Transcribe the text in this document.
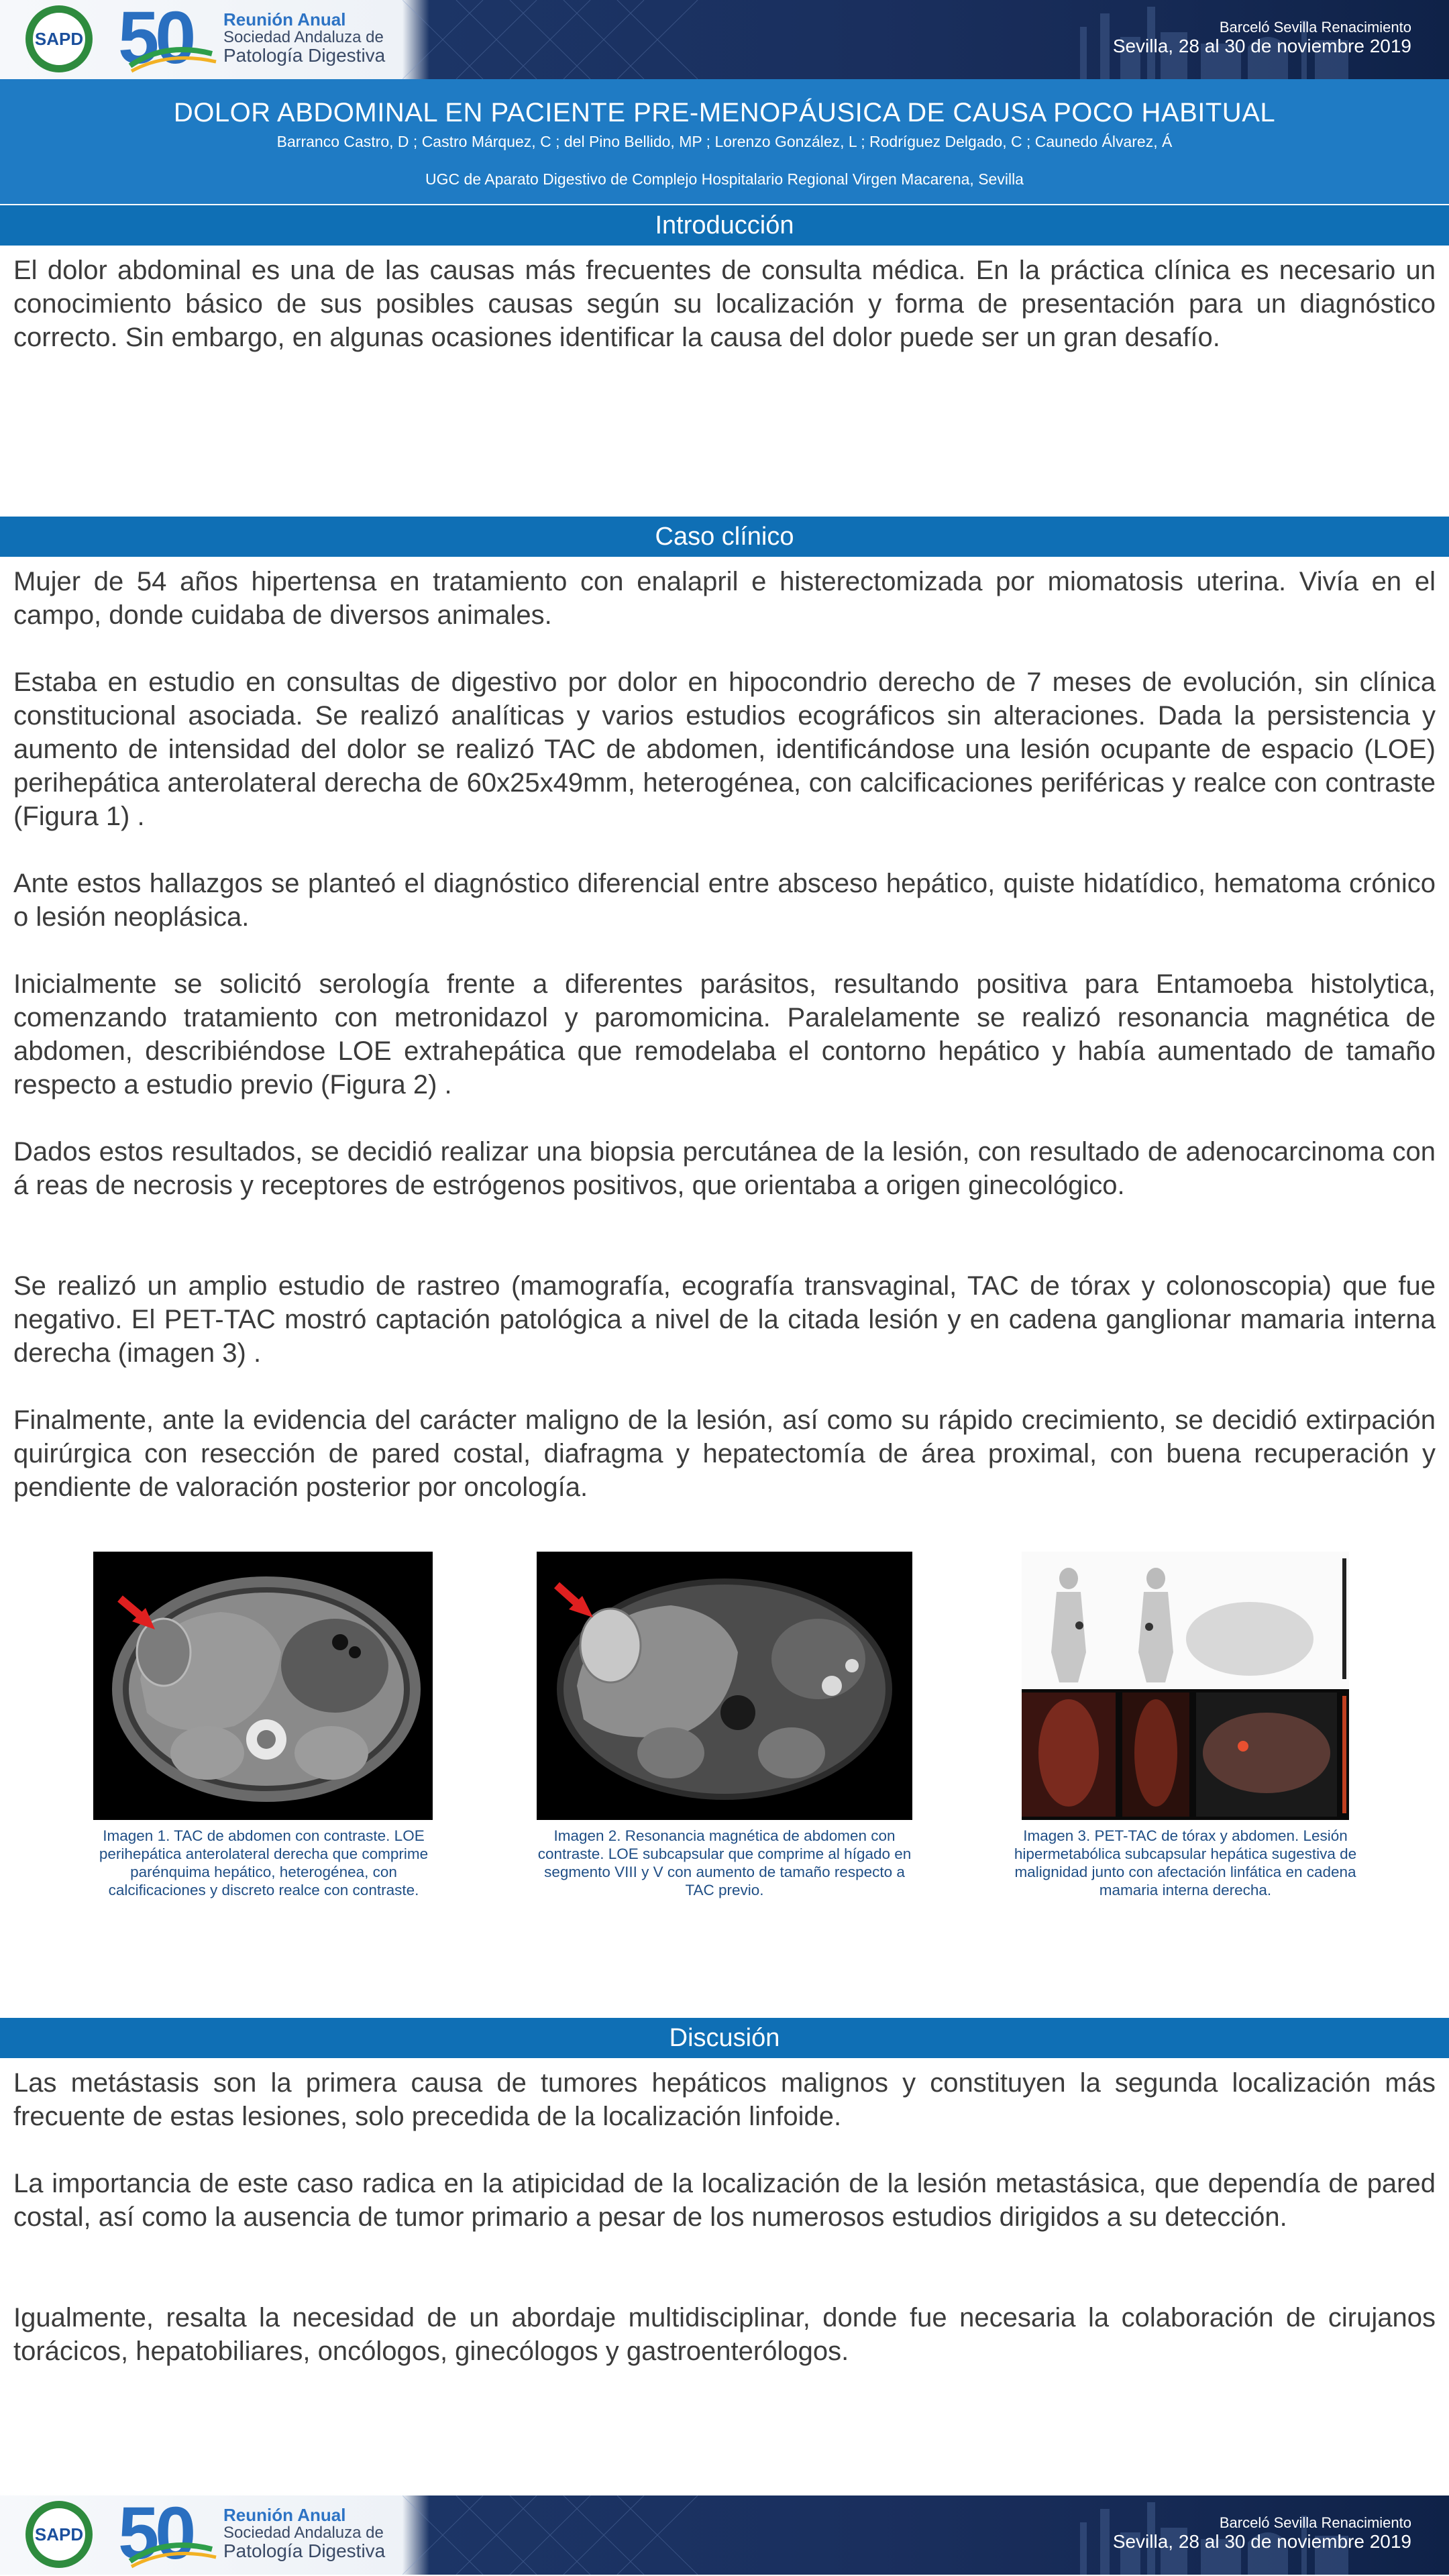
SAPD 50 Reunión Anual
Sociedad Andaluza de
Patología Digestiva
Barceló Sevilla Renacimiento
Sevilla, 28 al 30 de noviembre 2019
DOLOR ABDOMINAL EN PACIENTE PRE-MENOPÁUSICA DE CAUSA POCO HABITUAL
Barranco Castro, D ; Castro Márquez, C ; del Pino Bellido, MP ; Lorenzo González, L ; Rodríguez Delgado, C ; Caunedo Álvarez, Á
UGC de Aparato Digestivo de Complejo Hospitalario Regional Virgen Macarena, Sevilla
Introducción

El dolor abdominal es una de las causas más frecuentes de consulta médica. En la práctica clínica es necesario un conocimiento básico de sus posibles causas según su localización y forma de presentación para un diagnóstico correcto. Sin embargo, en algunas ocasiones identificar la causa del dolor puede ser un gran desafío.

Caso clínico

Mujer de 54 años hipertensa en tratamiento con enalapril e histerectomizada por miomatosis uterina. Vivía en el campo, donde cuidaba de diversos animales.

Estaba en estudio en consultas de digestivo por dolor en hipocondrio derecho de 7 meses de evolución, sin clínica constitucional asociada. Se realizó analíticas y varios estudios ecográficos sin alteraciones. Dada la persistencia y aumento de intensidad del dolor se realizó TAC de abdomen, identificándose una lesión ocupante de espacio (LOE) perihepática anterolateral derecha de 60x25x49mm, heterogénea, con calcificaciones periféricas y realce con contraste (Figura 1) .

Ante estos hallazgos se planteó el diagnóstico diferencial entre absceso hepático, quiste hidatídico, hematoma crónico o lesión neoplásica.

Inicialmente se solicitó serología frente a diferentes parásitos, resultando positiva para Entamoeba histolytica, comenzando tratamiento con metronidazol y paromomicina. Paralelamente se realizó resonancia magnética de abdomen, describiéndose LOE extrahepática que remodelaba el contorno hepático y había aumentado de tamaño respecto a estudio previo (Figura 2) .

Dados estos resultados, se decidió realizar una biopsia percutánea de la lesión, con resultado de adenocarcinoma con á reas de necrosis y receptores de estrógenos positivos, que orientaba a origen ginecológico.

Se realizó un amplio estudio de rastreo (mamografía, ecografía transvaginal, TAC de tórax y colonoscopia) que fue negativo. El PET-TAC mostró captación patológica a nivel de la citada lesión y en cadena ganglionar mamaria interna derecha (imagen 3) .

Finalmente, ante la evidencia del carácter maligno de la lesión, así como su rápido crecimiento, se decidió extirpación quirúrgica con resección de pared costal, diafragma y hepatectomía de área proximal, con buena recuperación y pendiente de valoración posterior por oncología.

Imagen 1. TAC de abdomen con contraste. LOE perihepática anterolateral derecha que comprime parénquima hepático, heterogénea, con calcificaciones y discreto realce con contraste.
Imagen 2. Resonancia magnética de abdomen con contraste. LOE subcapsular que comprime al hígado en segmento VIII y V con aumento de tamaño respecto a TAC previo.
Imagen 3. PET-TAC de tórax y abdomen. Lesión hipermetabólica subcapsular hepática sugestiva de malignidad junto con afectación linfática en cadena mamaria interna derecha.
Discusión

Las metástasis son la primera causa de tumores hepáticos malignos y constituyen la segunda localización más frecuente de estas lesiones, solo precedida de la localización linfoide.

La importancia de este caso radica en la atipicidad de la localización de la lesión metastásica, que dependía de pared costal, así como la ausencia de tumor primario a pesar de los numerosos estudios dirigidos a su detección.

Igualmente, resalta la necesidad de un abordaje multidisciplinar, donde fue necesaria la colaboración de cirujanos torácicos, hepatobiliares, oncólogos, ginecólogos y gastroenterólogos.

SAPD 50 Reunión Anual
Sociedad Andaluza de
Patología Digestiva
Barceló Sevilla Renacimiento
Sevilla, 28 al 30 de noviembre 2019
